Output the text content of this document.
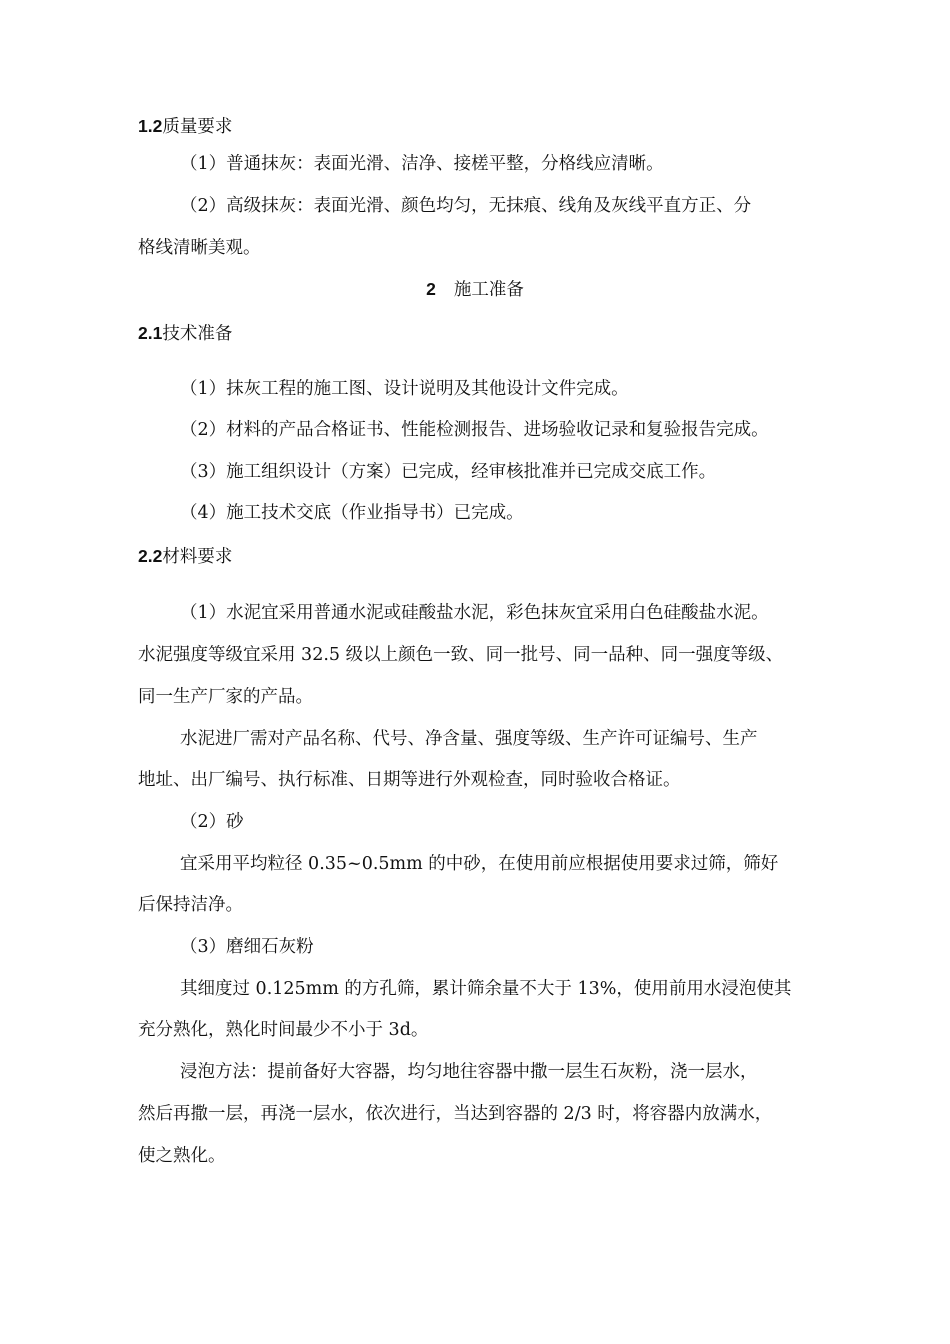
1.2质量要求
（1）普通抹灰：表面光滑、洁净、接槎平整，分格线应清晰。
（2）高级抹灰：表面光滑、颜色均匀，无抹痕、线角及灰线平直方正、分
格线清晰美观。
2 施工准备
2.1技术准备
（1）抹灰工程的施工图、设计说明及其他设计文件完成。
（2）材料的产品合格证书、性能检测报告、进场验收记录和复验报告完成。
（3）施工组织设计（方案）已完成，经审核批准并已完成交底工作。
（4）施工技术交底（作业指导书）已完成。
2.2材料要求
（1）水泥宜采用普通水泥或硅酸盐水泥，彩色抹灰宜采用白色硅酸盐水泥。
水泥强度等级宜采用 32.5 级以上颜色一致、同一批号、同一品种、同一强度等级、
同一生产厂家的产品。
水泥进厂需对产品名称、代号、净含量、强度等级、生产许可证编号、生产
地址、出厂编号、执行标准、日期等进行外观检查，同时验收合格证。
（2）砂
宜采用平均粒径 0.35~0.5mm 的中砂，在使用前应根据使用要求过筛，筛好
后保持洁净。
（3）磨细石灰粉
其细度过 0.125mm 的方孔筛，累计筛余量不大于 13%，使用前用水浸泡使其
充分熟化，熟化时间最少不小于 3d。
浸泡方法：提前备好大容器，均匀地往容器中撒一层生石灰粉，浇一层水，
然后再撒一层，再浇一层水，依次进行，当达到容器的 2/3 时，将容器内放满水，
使之熟化。
